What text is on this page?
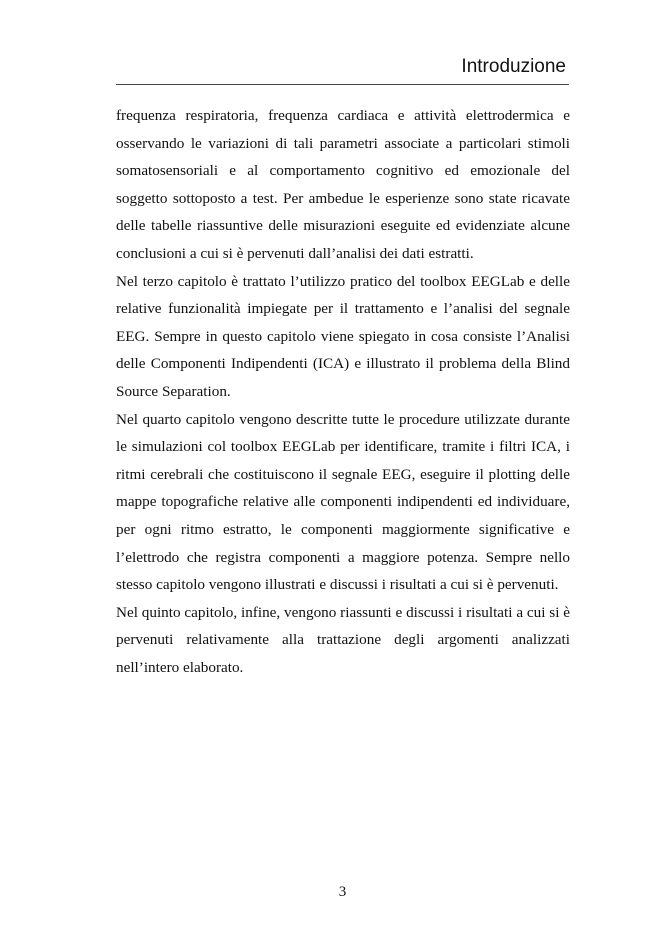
Introduzione

frequenza respiratoria, frequenza cardiaca e attività elettrodermica e osservando le variazioni di tali parametri associate a particolari stimoli somatosensoriali e al comportamento cognitivo ed emozionale del soggetto sottoposto a test. Per ambedue le esperienze sono state ricavate delle tabelle riassuntive delle misurazioni eseguite ed evidenziate alcune conclusioni a cui si è pervenuti dall’analisi dei dati estratti.

Nel terzo capitolo è trattato l’utilizzo pratico del toolbox EEGLab e delle relative funzionalità impiegate per il trattamento e l’analisi del segnale EEG. Sempre in questo capitolo viene spiegato in cosa consiste l’Analisi delle Componenti Indipendenti (ICA) e illustrato il problema della Blind Source Separation.

Nel quarto capitolo vengono descritte tutte le procedure utilizzate durante le simulazioni col toolbox EEGLab per identificare, tramite i filtri ICA, i ritmi cerebrali che costituiscono il segnale EEG, eseguire il plotting delle mappe topografiche relative alle componenti indipendenti ed individuare, per ogni ritmo estratto, le componenti maggiormente significative e l’elettrodo che registra componenti a maggiore potenza. Sempre nello stesso capitolo vengono illustrati e discussi i risultati a cui si è pervenuti.

Nel quinto capitolo, infine, vengono riassunti e discussi i risultati a cui si è pervenuti relativamente alla trattazione degli argomenti analizzati nell’intero elaborato.

3
